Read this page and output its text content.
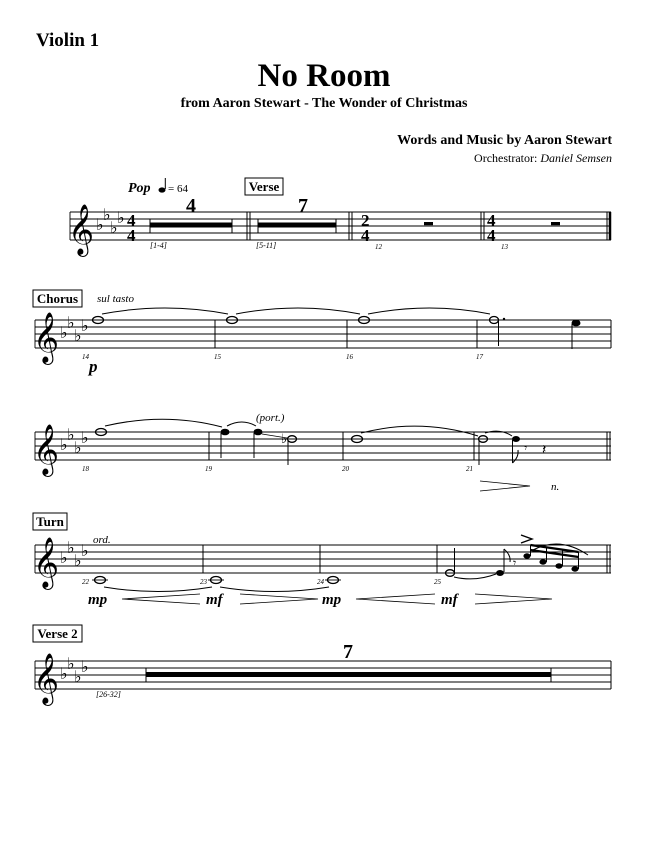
Violin 1
No Room
from Aaron Stewart - The Wonder of Christmas
Words and Music by Aaron Stewart
Orchestrator: Daniel Semsen
𝄞 ♭
♭
♭
♭ 4
4
Pop = 64
4
[1-4]
Verse
7
[5-11]
2
4
12
4
4
13
Chorus
𝄞 ♭
♭
♭
♭
sul tasto
14	15	16	17
p
𝄞 ♭
♭
♭
♭
(port.)
♭
𝄾 𝄽
18	19	20	21
n.
Turn
𝄞 ♭
♭
♭
♭
ord.
𝄾
22	23	24	25
mp	mf	mp	mf
Verse 2
𝄞 ♭
♭
♭
♭
7
[26-32]
